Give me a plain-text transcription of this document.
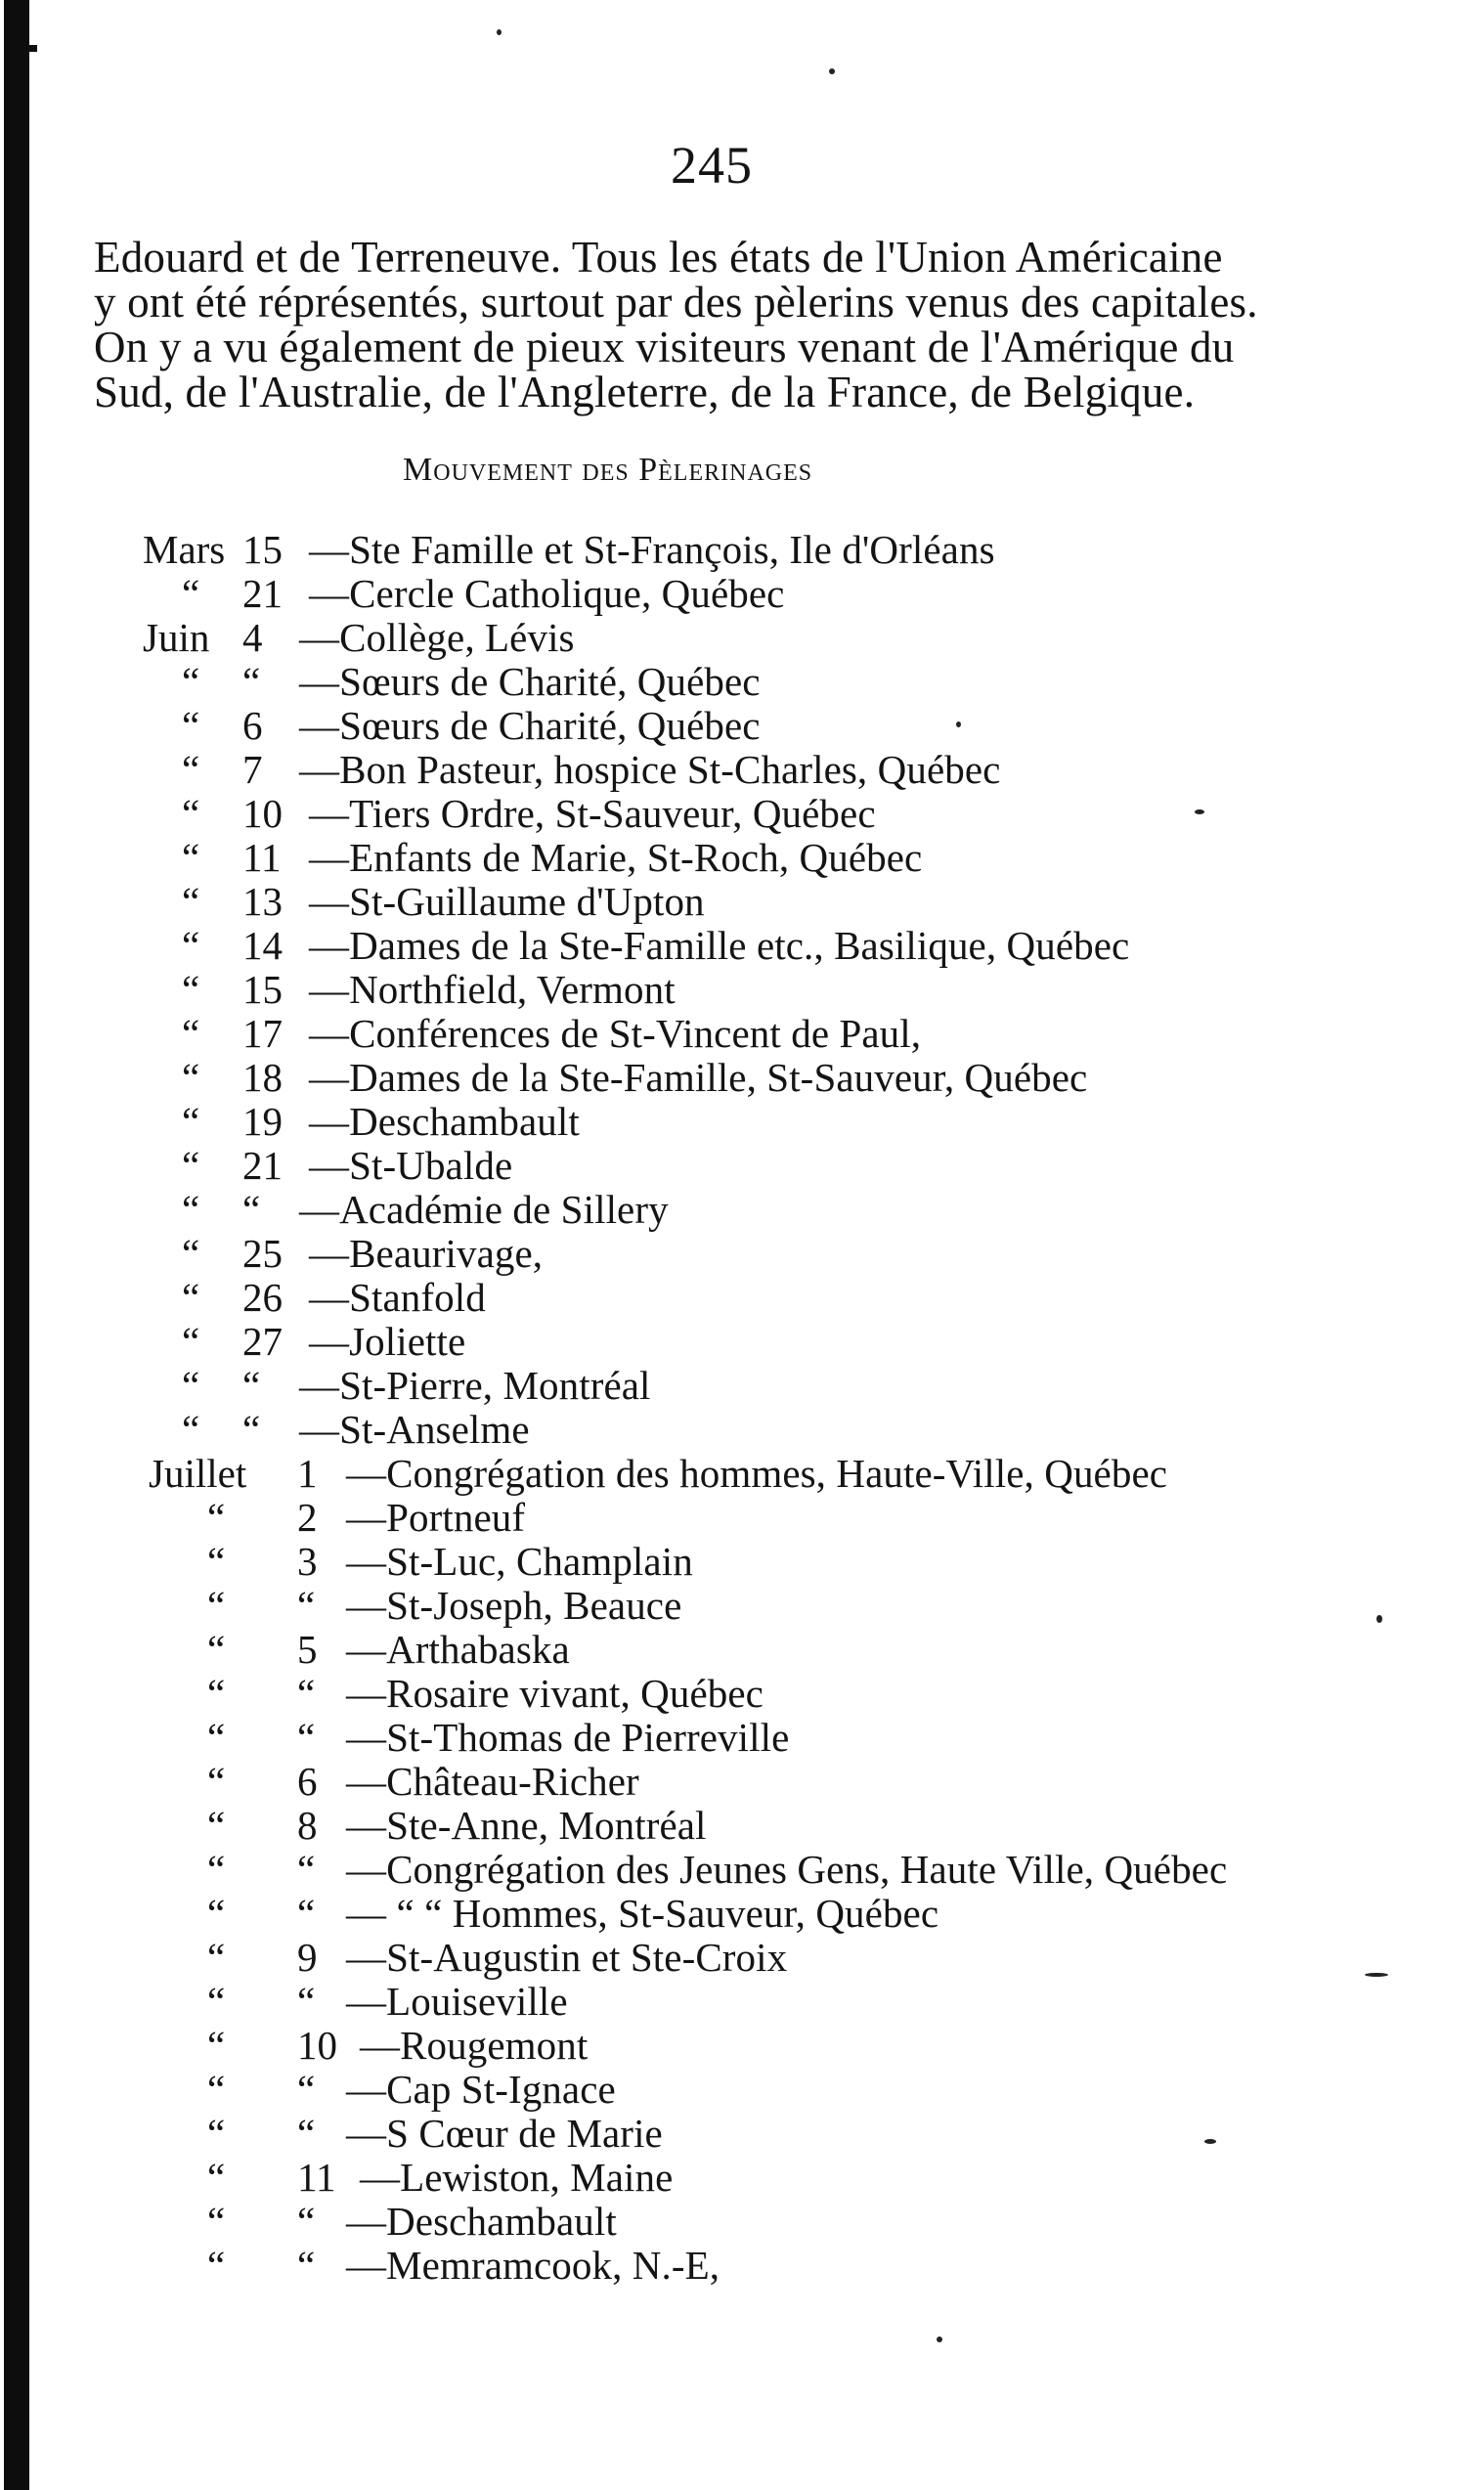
245
Edouard et de Terreneuve. Tous les états de l'Union Américaine
y ont été réprésentés, surtout par des pèlerins venus des capitales.
On y a vu également de pieux visiteurs venant de l'Amérique du
Sud, de l'Australie, de l'Angleterre, de la France, de Belgique.
Mouvement des Pèlerinages
Mars 15 —Ste Famille et St-François, Ile d'Orléans
“ 21 —Cercle Catholique, Québec
Juin 4 —Collège, Lévis
“ “ —Sœurs de Charité, Québec
“ 6 —Sœurs de Charité, Québec
“ 7 —Bon Pasteur, hospice St-Charles, Québec
“ 10 —Tiers Ordre, St-Sauveur, Québec
“ 11 —Enfants de Marie, St-Roch, Québec
“ 13 —St-Guillaume d'Upton
“ 14 —Dames de la Ste-Famille etc., Basilique, Québec
“ 15 —Northfield, Vermont
“ 17 —Conférences de St-Vincent de Paul,
“ 18 —Dames de la Ste-Famille, St-Sauveur, Québec
“ 19 —Deschambault
“ 21 —St-Ubalde
“ “ —Académie de Sillery
“ 25 —Beaurivage,
“ 26 —Stanfold
“ 27 —Joliette
“ “ —St-Pierre, Montréal
“ “ —St-Anselme
Juillet 1 —Congrégation des hommes, Haute-Ville, Québec
“ 2 —Portneuf
“ 3 —St-Luc, Champlain
“ “ —St-Joseph, Beauce
“ 5 —Arthabaska
“ “ —Rosaire vivant, Québec
“ “ —St-Thomas de Pierreville
“ 6 —Château-Richer
“ 8 —Ste-Anne, Montréal
“ “ —Congrégation des Jeunes Gens, Haute Ville, Québec
“ “ — “ “ Hommes, St-Sauveur, Québec
“ 9 —St-Augustin et Ste-Croix
“ “ —Louiseville
“ 10 —Rougemont
“ “ —Cap St-Ignace
“ “ —S Cœur de Marie
“ 11 —Lewiston, Maine
“ “ —Deschambault
“ “ —Memramcook, N.-E,
